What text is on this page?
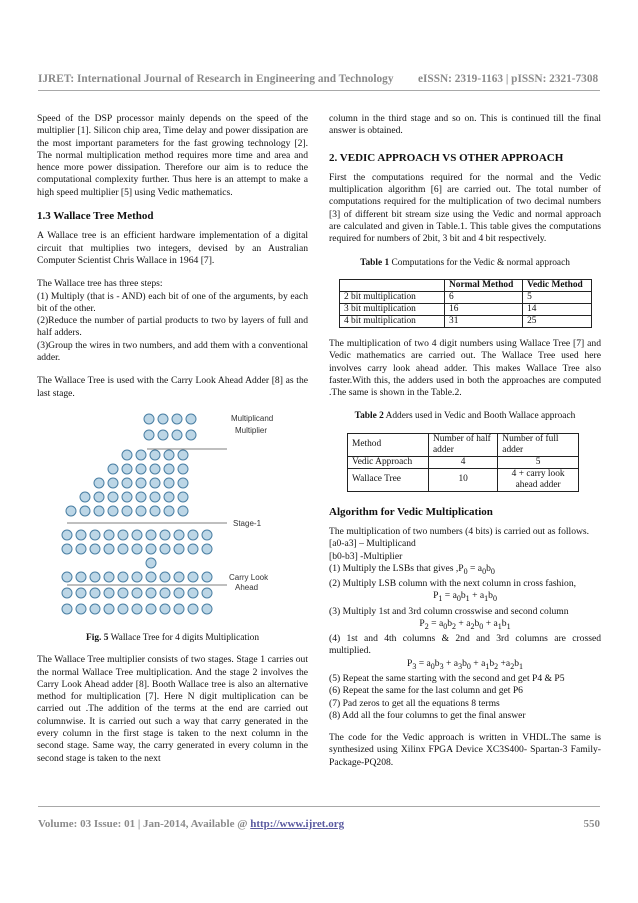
IJRET: International Journal of Research in Engineering and Technology eISSN: 2319-1163 | pISSN: 2321-7308

Speed of the DSP processor mainly depends on the speed of the multiplier [1]. Silicon chip area, Time delay and power dissipation are the most important parameters for the fast growing technology [2]. The normal multiplication method requires more time and area and hence more power dissipation. Therefore our aim is to reduce the computational complexity further. Thus here is an attempt to make a high speed multiplier [5] using Vedic mathematics.

1.3 Wallace Tree Method

A Wallace tree is an efficient hardware implementation of a digital circuit that multiplies two integers, devised by an Australian Computer Scientist Chris Wallace in 1964 [7].

The Wallace tree has three steps:
(1) Multiply (that is - AND) each bit of one of the arguments, by each bit of the other.
(2)Reduce the number of partial products to two by layers of full and half adders.
(3)Group the wires in two numbers, and add them with a conventional adder.

The Wallace Tree is used with the Carry Look Ahead Adder [8] as the last stage.

Multiplicand
Multiplier
Stage-1
Carry Look
Ahead
Fig. 5 Wallace Tree for 4 digits Multiplication

The Wallace Tree multiplier consists of two stages. Stage 1 carries out the normal Wallace Tree multiplication. And the stage 2 involves the Carry Look Ahead adder [8]. Booth Wallace tree is also an alternative method for multiplication [7]. Here N digit multiplication can be carried out .The addition of the terms at the end are carried out columnwise. It is carried out such a way that carry generated in the every column in the first stage is taken to the next column in the second stage. Same way, the carry generated in every column in the second stage is taken to the next

column in the third stage and so on. This is continued till the final answer is obtained.

2. VEDIC APPROACH VS OTHER APPROACH

First the computations required for the normal and the Vedic multiplication algorithm [6] are carried out. The total number of computations required for the multiplication of two decimal numbers [3] of different bit stream size using the Vedic and normal approach are calculated and given in Table.1. This table gives the computations required for numbers of 2bit, 3 bit and 4 bit respectively.

Table 1 Computations for the Vedic & normal approach
	Normal Method	Vedic Method
2 bit multiplication	6	5
3 bit multiplication	16	14
4 bit multiplication	31	25

The multiplication of two 4 digit numbers using Wallace Tree [7] and Vedic mathematics are carried out. The Wallace Tree used here involves carry look ahead adder. This makes Wallace Tree also faster.With this, the adders used in both the approaches are computed .The same is shown in the Table.2.

Table 2 Adders used in Vedic and Booth Wallace approach
Method	Number of half adder	Number of full adder
Vedic Approach	4	5
Wallace Tree	10	4 + carry look ahead adder
Algorithm for Vedic Multiplication

The multiplication of two numbers (4 bits) is carried out as follows.

[a0-a3] – Multiplicand
[b0-b3] -Multiplier
(1) Multiply the LSBs that gives $,P_0 = a_0b_0$
(2) Multiply LSB column with the next column in cross fashion,
$P_1 = a_0b_1 + a_1b_0$
(3) Multiply 1st and 3rd column crosswise and second column
$P_2 = a_0b_2 + a_2b_0 + a_1b_1$
(4) 1st and 4th columns & 2nd and 3rd columns are crossed multiplied.
$P_3 = a_0b_3 + a_3b_0 + a_1b_2 +a_2b_1$
(5) Repeat the same starting with the second and get P4 & P5
(6) Repeat the same for the last column and get P6
(7) Pad zeros to get all the equations 8 terms
(8) Add all the four columns to get the final answer

The code for the Vedic approach is written in VHDL.The same is synthesized using Xilinx FPGA Device XC3S400- Spartan-3 Family-Package-PQ208.

Volume: 03 Issue: 01 | Jan-2014, Available @ http://www.ijret.org	550
